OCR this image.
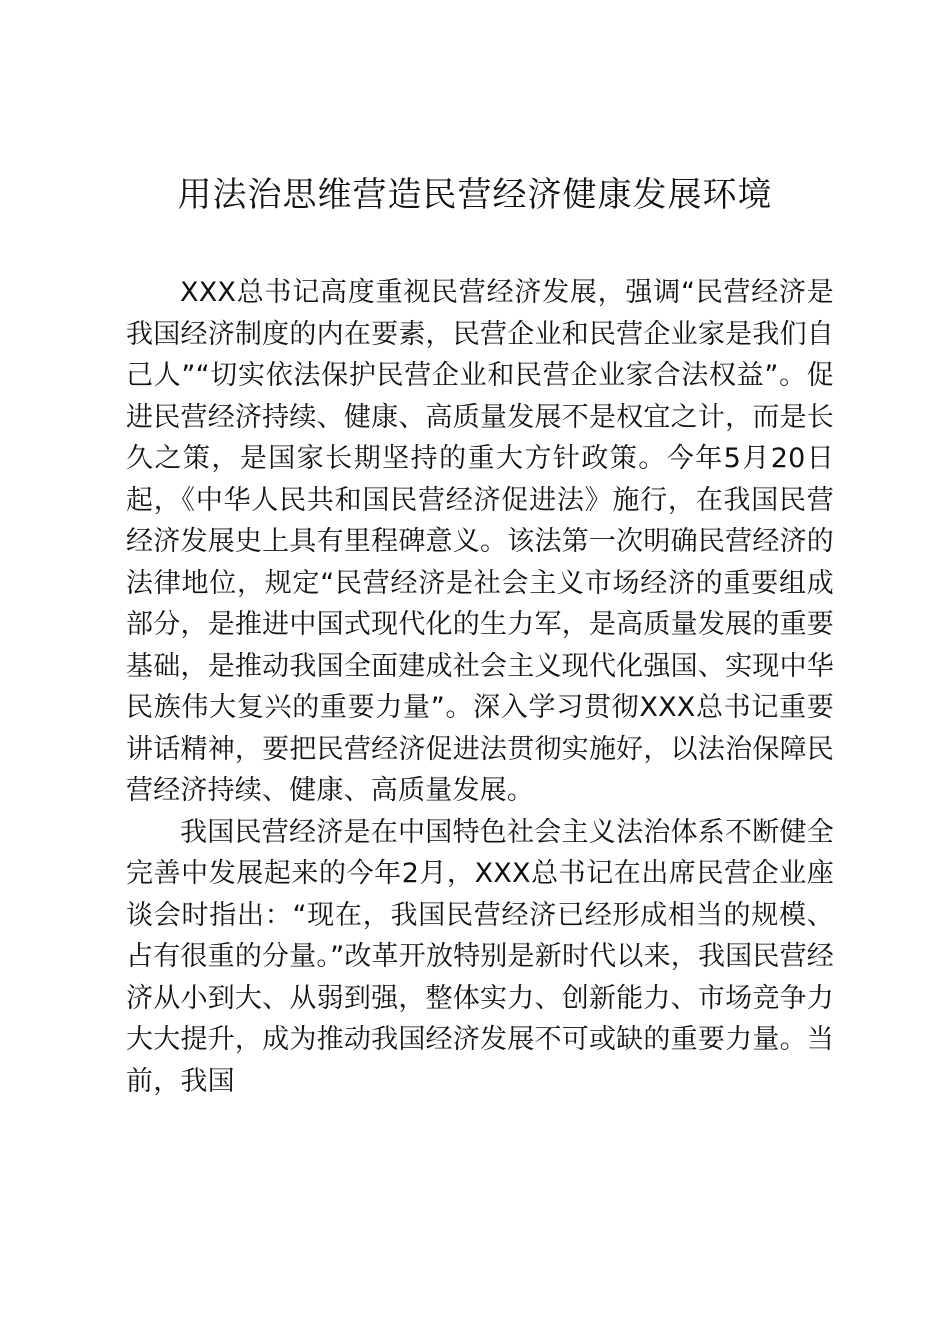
用法治思维营造民营经济健康发展环境

XXX总书记高度重视民营经济发展，强调“民营经济是我国经济制度的内在要素，民营企业和民营企业家是我们自己人”“切实依法保护民营企业和民营企业家合法权益”。促进民营经济持续、健康、高质量发展不是权宜之计，而是长久之策，是国家长期坚持的重大方针政策。今年5月20日起，《中华人民共和国民营经济促进法》施行，在我国民营经济发展史上具有里程碑意义。该法第一次明确民营经济的法律地位，规定“民营经济是社会主义市场经济的重要组成部分，是推进中国式现代化的生力军，是高质量发展的重要基础，是推动我国全面建成社会主义现代化强国、实现中华民族伟大复兴的重要力量”。深入学习贯彻XXX总书记重要讲话精神，要把民营经济促进法贯彻实施好，以法治保障民营经济持续、健康、高质量发展。

我国民营经济是在中国特色社会主义法治体系不断健全完善中发展起来的今年2月，XXX总书记在出席民营企业座谈会时指出：“现在，我国民营经济已经形成相当的规模、占有很重的分量。”改革开放特别是新时代以来，我国民营经济从小到大、从弱到强，整体实力、创新能力、市场竞争力大大提升，成为推动我国经济发展不可或缺的重要力量。当前，我国
